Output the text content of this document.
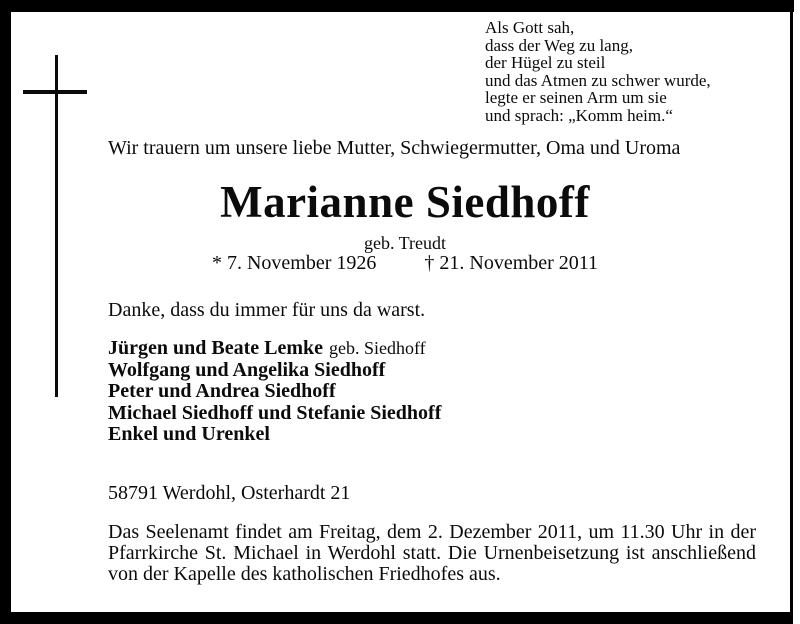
Als Gott sah,
dass der Weg zu lang,
der Hügel zu steil
und das Atmen zu schwer wurde,
legte er seinen Arm um sie
und sprach: „Komm heim.“
Wir trauern um unsere liebe Mutter, Schwiegermutter, Oma und Uroma
Marianne Siedhoff
geb. Treudt
* 7. November 1926 † 21. November 2011
Danke, dass du immer für uns da warst.
Jürgen und Beate Lemke geb. Siedhoff
Wolfgang und Angelika Siedhoff
Peter und Andrea Siedhoff
Michael Siedhoff und Stefanie Siedhoff
Enkel und Urenkel
58791 Werdohl, Osterhardt 21
Das Seelenamt findet am Freitag, dem 2. Dezember 2011, um 11.30 Uhr in der Pfarrkirche St. Michael in Werdohl statt. Die Urnenbeisetzung ist anschließend von der Kapelle des katholischen Friedhofes aus.
